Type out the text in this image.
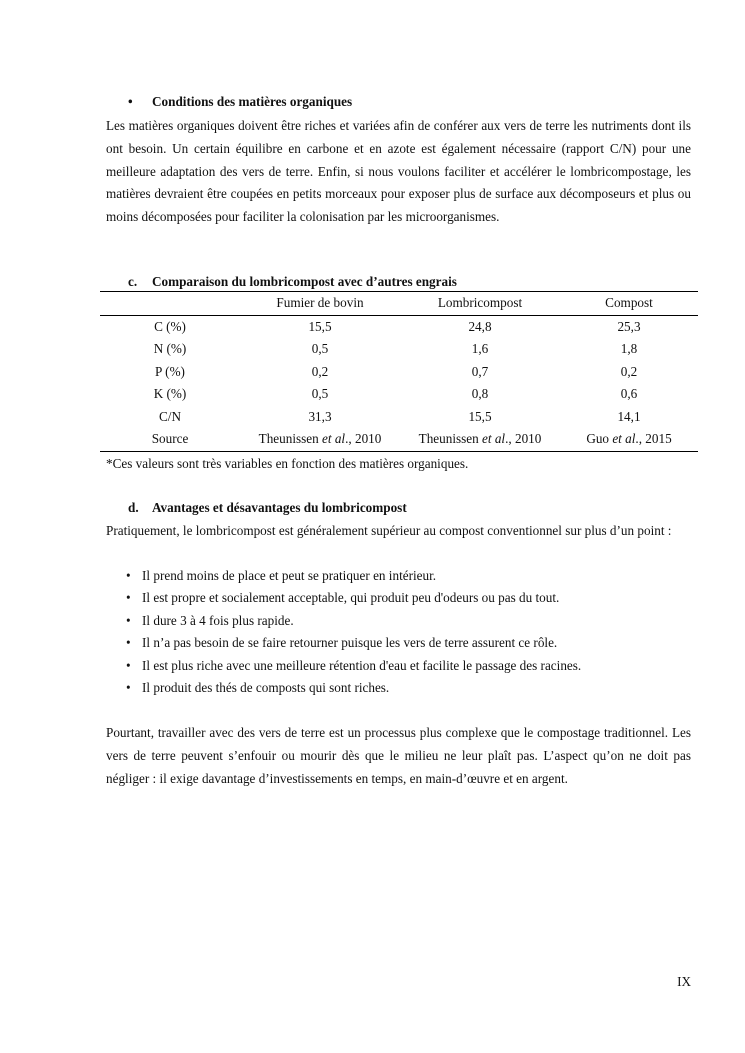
• Conditions des matières organiques

Les matières organiques doivent être riches et variées afin de conférer aux vers de terre les nutriments dont ils ont besoin. Un certain équilibre en carbone et en azote est également nécessaire (rapport C/N) pour une meilleure adaptation des vers de terre. Enfin, si nous voulons faciliter et accélérer le lombricompostage, les matières devraient être coupées en petits morceaux pour exposer plus de surface aux décomposeurs et plus ou moins décomposées pour faciliter la colonisation par les microorganismes.

c. Comparaison du lombricompost avec d’autres engrais
	Fumier de bovin	Lombricompost	Compost
C (%)	15,5	24,8	25,3
N (%)	0,5	1,6	1,8
P (%)	0,2	0,7	0,2
K (%)	0,5	0,8	0,6
C/N	31,3	15,5	14,1
Source	Theunissen et al., 2010	Theunissen et al., 2010	Guo et al., 2015
*Ces valeurs sont très variables en fonction des matières organiques.
d. Avantages et désavantages du lombricompost

Pratiquement, le lombricompost est généralement supérieur au compost conventionnel sur plus d’un point :

• Il prend moins de place et peut se pratiquer en intérieur.
• Il est propre et socialement acceptable, qui produit peu d'odeurs ou pas du tout.
• Il dure 3 à 4 fois plus rapide.
• Il n’a pas besoin de se faire retourner puisque les vers de terre assurent ce rôle.
• Il est plus riche avec une meilleure rétention d'eau et facilite le passage des racines.
• Il produit des thés de composts qui sont riches.

Pourtant, travailler avec des vers de terre est un processus plus complexe que le compostage traditionnel. Les vers de terre peuvent s’enfouir ou mourir dès que le milieu ne leur plaît pas. L’aspect qu’on ne doit pas négliger : il exige davantage d’investissements en temps, en main-d’œuvre et en argent.

IX
